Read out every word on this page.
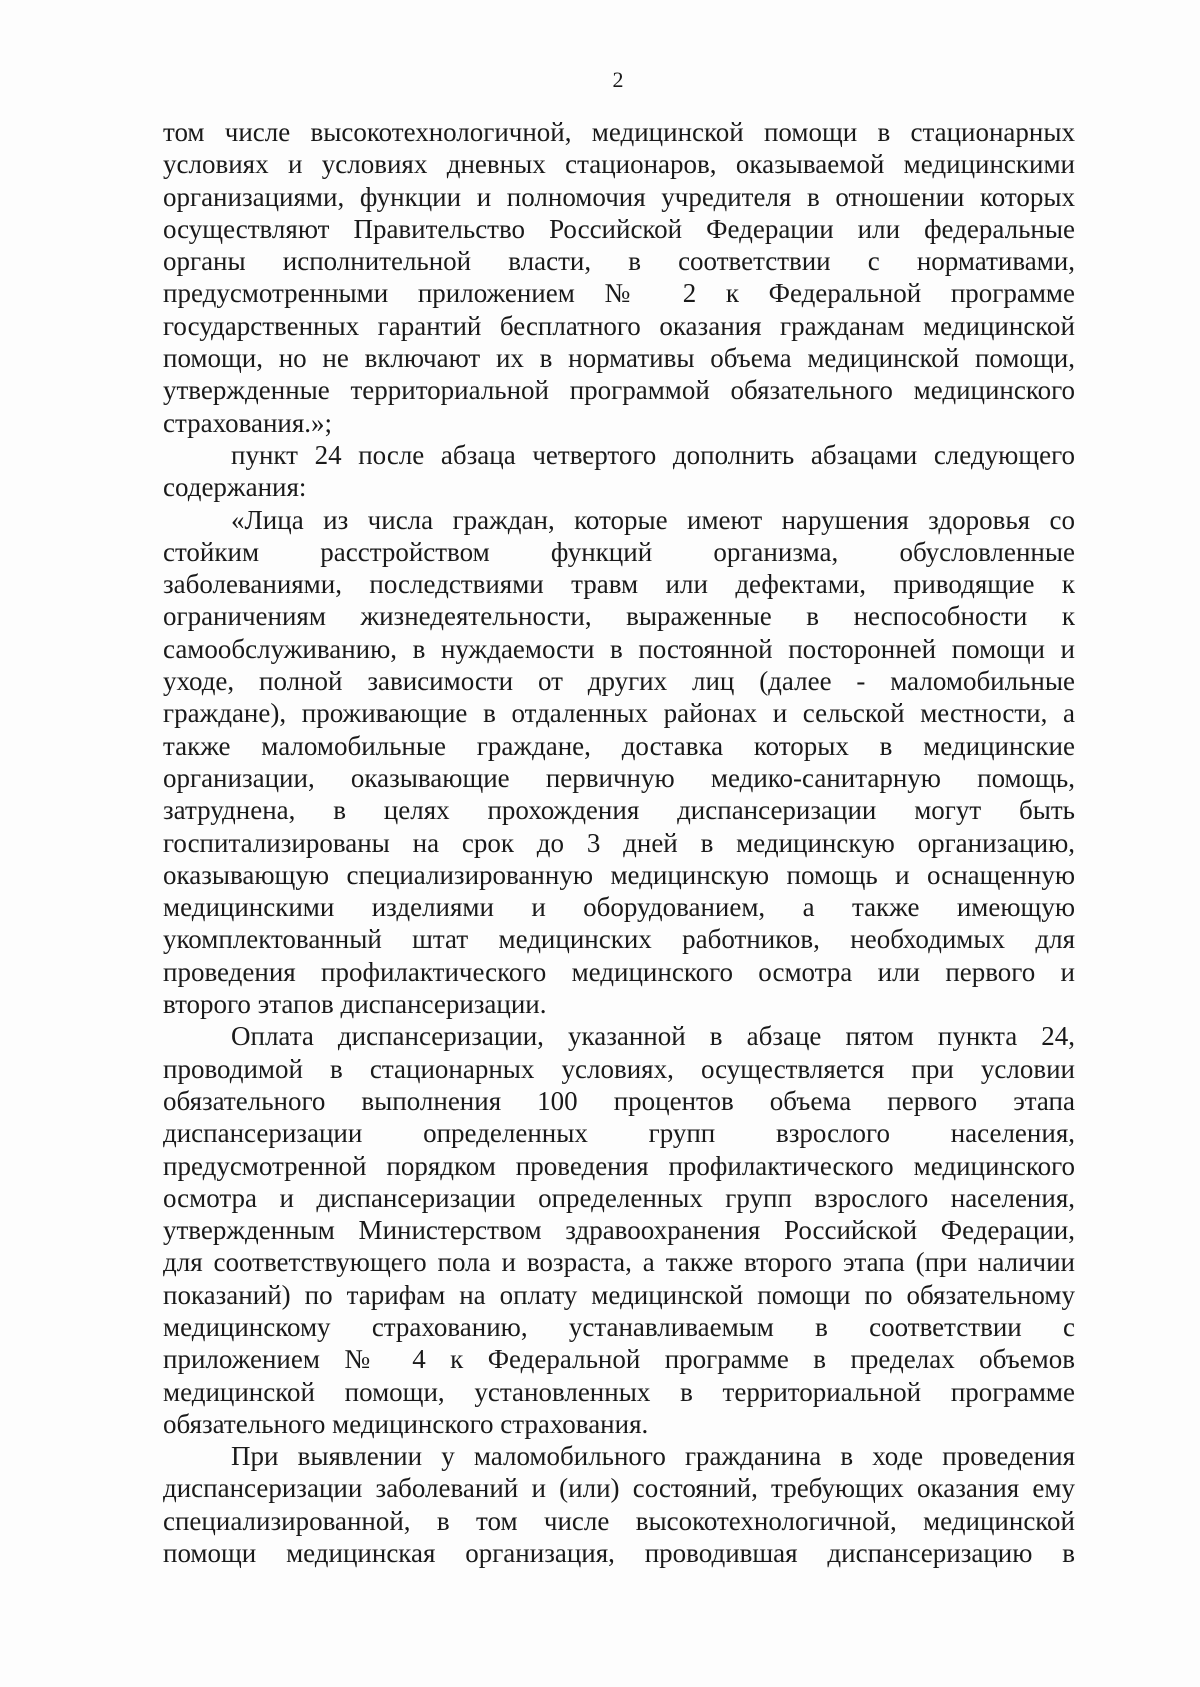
2
том числе высокотехнологичной, медицинской помощи в стационарных
условиях и условиях дневных стационаров, оказываемой медицинскими
организациями, функции и полномочия учредителя в отношении которых
осуществляют Правительство Российской Федерации или федеральные
органы исполнительной власти, в соответствии с нормативами,
предусмотренными приложением № 2 к Федеральной программе
государственных гарантий бесплатного оказания гражданам медицинской
помощи, но не включают их в нормативы объема медицинской помощи,
утвержденные территориальной программой обязательного медицинского
страхования.»;
пункт 24 после абзаца четвертого дополнить абзацами следующего
содержания:
«Лица из числа граждан, которые имеют нарушения здоровья со
стойким расстройством функций организма, обусловленные
заболеваниями, последствиями травм или дефектами, приводящие к
ограничениям жизнедеятельности, выраженные в неспособности к
самообслуживанию, в нуждаемости в постоянной посторонней помощи и
уходе, полной зависимости от других лиц (далее - маломобильные
граждане), проживающие в отдаленных районах и сельской местности, а
также маломобильные граждане, доставка которых в медицинские
организации, оказывающие первичную медико-санитарную помощь,
затруднена, в целях прохождения диспансеризации могут быть
госпитализированы на срок до 3 дней в медицинскую организацию,
оказывающую специализированную медицинскую помощь и оснащенную
медицинскими изделиями и оборудованием, а также имеющую
укомплектованный штат медицинских работников, необходимых для
проведения профилактического медицинского осмотра или первого и
второго этапов диспансеризации.
Оплата диспансеризации, указанной в абзаце пятом пункта 24,
проводимой в стационарных условиях, осуществляется при условии
обязательного выполнения 100 процентов объема первого этапа
диспансеризации определенных групп взрослого населения,
предусмотренной порядком проведения профилактического медицинского
осмотра и диспансеризации определенных групп взрослого населения,
утвержденным Министерством здравоохранения Российской Федерации,
для соответствующего пола и возраста, а также второго этапа (при наличии
показаний) по тарифам на оплату медицинской помощи по обязательному
медицинскому страхованию, устанавливаемым в соответствии с
приложением № 4 к Федеральной программе в пределах объемов
медицинской помощи, установленных в территориальной программе
обязательного медицинского страхования.
При выявлении у маломобильного гражданина в ходе проведения
диспансеризации заболеваний и (или) состояний, требующих оказания ему
специализированной, в том числе высокотехнологичной, медицинской
помощи медицинская организация, проводившая диспансеризацию в
